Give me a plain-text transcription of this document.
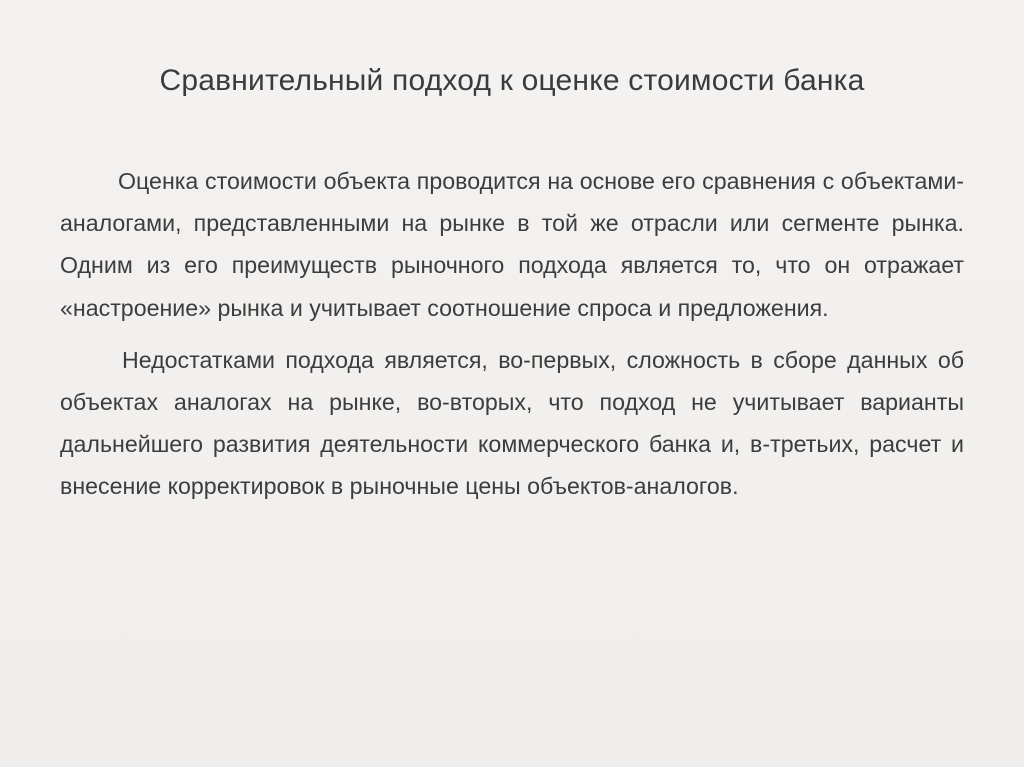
Сравнительный подход к оценке стоимости банка

Оценка стоимости объекта проводится на основе его сравнения с объектами-аналогами, представленными на рынке в той же отрасли или сегменте рынка. Одним из его преимуществ рыночного подхода является то, что он отражает «настроение» рынка и учитывает соотношение спроса и предложения.

Недостатками подхода является, во-первых, сложность в сборе данных об объектах аналогах на рынке, во-вторых, что подход не учитывает варианты дальнейшего развития деятельности коммерческого банка и, в-третьих, расчет и внесение корректировок в рыночные цены объектов-аналогов.
